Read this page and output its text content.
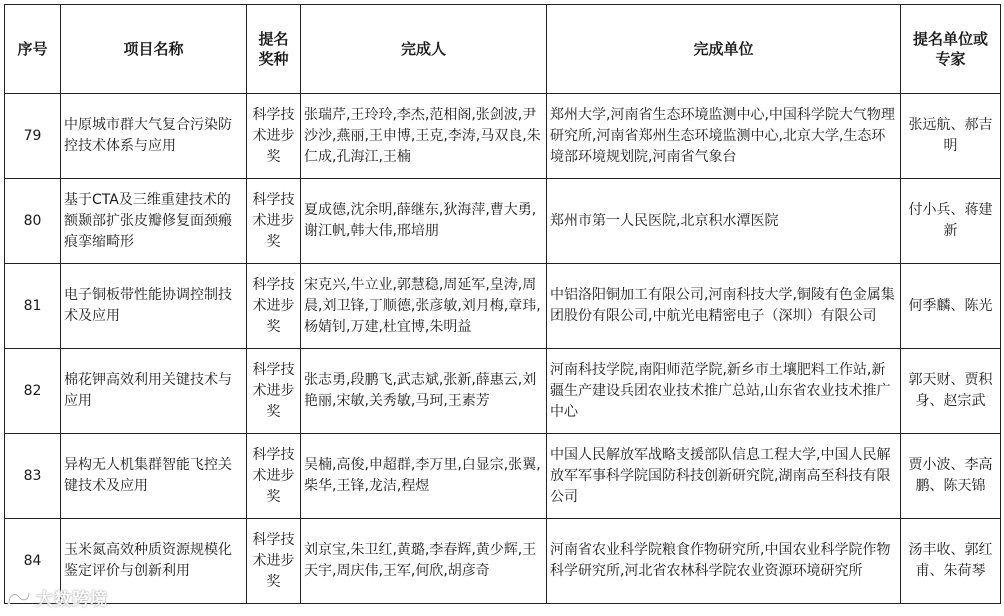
序号	项目名称	提名奖种	完成人	完成单位	提名单位或专家
79	中原城市群大气复合污染防控技术体系与应用	科学技术进步奖	张瑞芹,王玲玲,李杰,范相阁,张剑波,尹沙沙,燕丽,王申博,王克,李涛,马双良,朱仁成,孔海江,王楠	郑州大学,河南省生态环境监测中心,中国科学院大气物理研究所,河南省郑州生态环境监测中心,北京大学,生态环境部环境规划院,河南省气象台	张远航、郝吉明
80	基于CTA及三维重建技术的额颞部扩张皮瓣修复面颈瘢痕挛缩畸形	科学技术进步奖	夏成德,沈余明,薛继东,狄海萍,曹大勇,谢江帆,韩大伟,邢培朋	郑州市第一人民医院,北京积水潭医院	付小兵、蒋建新
81	电子铜板带性能协调控制技术及应用	科学技术进步奖	宋克兴,牛立业,郭慧稳,周延军,皇涛,周晨,刘卫锋,丁顺德,张彦敏,刘月梅,章玮,杨婧钊,万建,杜宜博,朱明益	中铝洛阳铜加工有限公司,河南科技大学,铜陵有色金属集团股份有限公司,中航光电精密电子（深圳）有限公司	何季麟、陈光
82	棉花钾高效利用关键技术与应用	科学技术进步奖	张志勇,段鹏飞,武志斌,张新,薛惠云,刘艳丽,宋敏,关秀敏,马珂,王素芳	河南科技学院,南阳师范学院,新乡市土壤肥料工作站,新疆生产建设兵团农业技术推广总站,山东省农业技术推广中心	郭天财、贾积身、赵宗武
83	异构无人机集群智能飞控关键技术及应用	科学技术进步奖	吴楠,高俊,申超群,李万里,白显宗,张翼,柴华,王锋,龙洁,程煜	中国人民解放军战略支援部队信息工程大学,中国人民解放军军事科学院国防科技创新研究院,湖南高至科技有限公司	贾小波、李高鹏、陈天锦
84	玉米氮高效种质资源规模化鉴定评价与创新利用	科学技术进步奖	刘京宝,朱卫红,黄璐,李春辉,黄少辉,王天宇,周庆伟,王军,何欣,胡彦奇	河南省农业科学院粮食作物研究所,中国农业科学院作物科学研究所,河北省农林科学院农业资源环境研究所	汤丰收、郭红甫、朱荷琴
大数跨境
